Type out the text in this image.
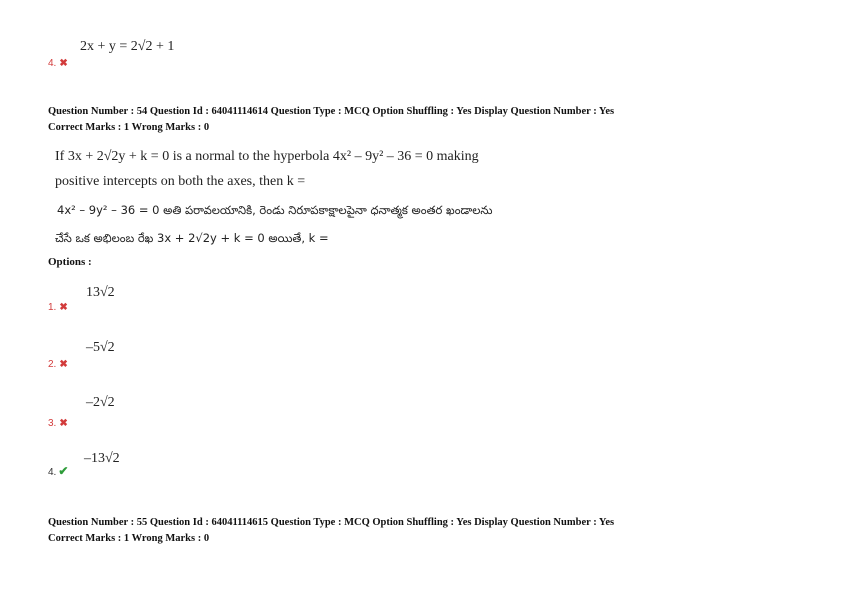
4. ✖
2x + y = 2√2 + 1
Question Number : 54 Question Id : 64041114614 Question Type : MCQ Option Shuffling : Yes Display Question Number : Yes
Correct Marks : 1 Wrong Marks : 0
If 3x + 2√2y + k = 0 is a normal to the hyperbola 4x² – 9y² – 36 = 0 making
positive intercepts on both the axes, then k =
4x² – 9y² – 36 = 0 అతి పరావలయానికి, రెండు నిరూపకాక్షాలపైనా ధనాత్మక అంతర ఖండాలను
చేసే ఒక అభిలంబ రేఖ 3x + 2√2y + k = 0 అయితే, k =
Options :
1. ✖
13√2
2. ✖
–5√2
3. ✖
–2√2
4. ✔
–13√2
Question Number : 55 Question Id : 64041114615 Question Type : MCQ Option Shuffling : Yes Display Question Number : Yes
Correct Marks : 1 Wrong Marks : 0
